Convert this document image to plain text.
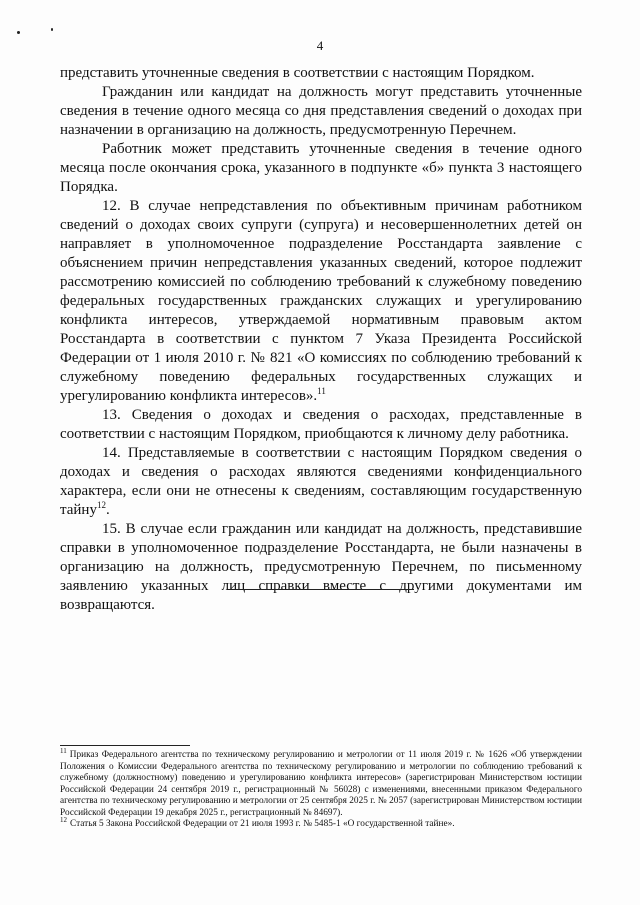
4

представить уточненные сведения в соответствии с настоящим Порядком.

Гражданин или кандидат на должность могут представить уточненные сведения в течение одного месяца со дня представления сведений о доходах при назначении в организацию на должность, предусмотренную Перечнем.

Работник может представить уточненные сведения в течение одного месяца после окончания срока, указанного в подпункте «б» пункта 3 настоящего Порядка.

12. В случае непредставления по объективным причинам работником сведений о доходах своих супруги (супруга) и несовершеннолетних детей он направляет в уполномоченное подразделение Росстандарта заявление с объяснением причин непредставления указанных сведений, которое подлежит рассмотрению комиссией по соблюдению требований к служебному поведению федеральных государственных гражданских служащих и урегулированию конфликта интересов, утверждаемой нормативным правовым актом Росстандарта в соответствии с пунктом 7 Указа Президента Российской Федерации от 1 июля 2010 г. № 821 «О комиссиях по соблюдению требований к служебному поведению федеральных государственных служащих и урегулированию конфликта интересов».$^{11}$

13. Сведения о доходах и сведения о расходах, представленные в соответствии с настоящим Порядком, приобщаются к личному делу работника.

14. Представляемые в соответствии с настоящим Порядком сведения о доходах и сведения о расходах являются сведениями конфиденциального характера, если они не отнесены к сведениям, составляющим государственную тайну$^{12}$.

15. В случае если гражданин или кандидат на должность, представившие справки в уполномоченное подразделение Росстандарта, не были назначены в организацию на должность, предусмотренную Перечнем, по письменному заявлению указанных лиц справки вместе с другими документами им возвращаются.

$^{11}$ Приказ Федерального агентства по техническому регулированию и метрологии от 11 июля 2019 г. № 1626 «Об утверждении Положения о Комиссии Федерального агентства по техническому регулированию и метрологии по соблюдению требований к служебному (должностному) поведению и урегулированию конфликта интересов» (зарегистрирован Министерством юстиции Российской Федерации 24 сентября 2019 г., регистрационный № 56028) с изменениями, внесенными приказом Федерального агентства по техническому регулированию и метрологии от 25 сентября 2025 г. № 2057 (зарегистрирован Министерством юстиции Российской Федерации 19 декабря 2025 г., регистрационный № 84697).

$^{12}$ Статья 5 Закона Российской Федерации от 21 июля 1993 г. № 5485-1 «О государственной тайне».
